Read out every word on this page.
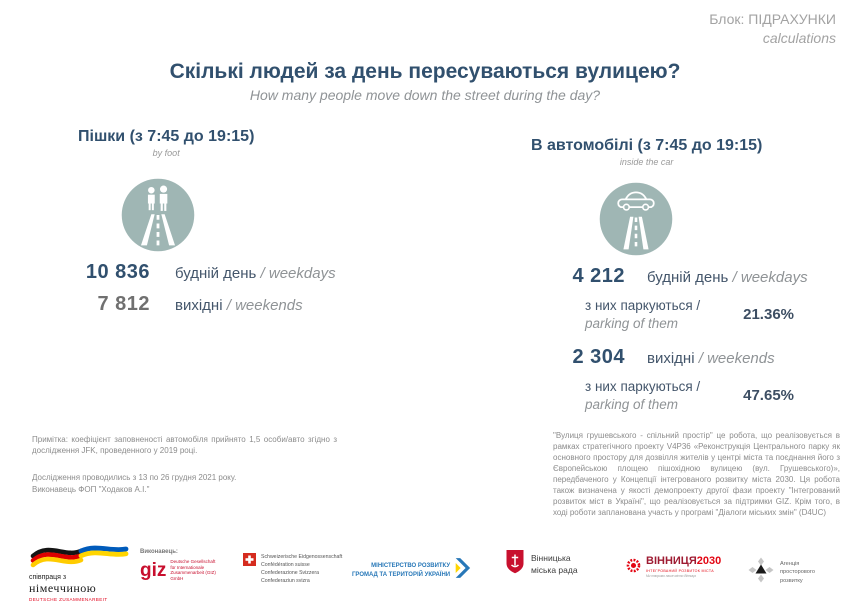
Блок: ПІДРАХУНКИ
calculations
Скількі людей за день пересуваються вулицею?
How many people move down the street during the day?
Пішки (з 7:45 до 19:15)
by foot
10 836 будній день / weekdays
7 812 вихідні / weekends
В автомобілі (з 7:45 до 19:15)
inside the car
4 212 будній день / weekdays
з них паркуються /
parking of them	21.36%
2 304 вихідні / weekends
з них паркуються /
parking of them	47.65%
Примітка: коефіцієнт заповненості автомобіля прийнято 1,5 особи/авто згідно з дослідження JFK, проведенного у 2019 році.
Дослідження проводились з 13 по 26 грудня 2021 року.
Виконавець ФОП "Ходаков А.І."
"Вулиця грушевського - спільний простір" це робота, що реалізовується в рамках стратегічного проекту V4P36 «Реконструкція Центрального парку як основного простору для дозвілля жителів у центрі міста та поєднання його з Європейською площею пішохідною вулицею (вул. Грушевського)», передбаченого у Концепції інтегрованого розвитку міста 2030. Ця робота також визначена у якості демопроекту другої фази проекту "Інтегрований розвиток міст в Україні", що реалізовується за підтримки GIZ. Крім того, в ході роботи запланована участь у програмі "Діалоги міських змін" (D4UC)
співпраця з
німеччиною
DEUTSCHE ZUSAMMENARBEIT
Виконавець:
giz Deutsche Gesellschaft
für Internationale
Zusammenarbeit (GIZ) GmbH
Schweizerische Eidgenossenschaft
Confédération suisse
Confederazione Svizzera
Confederaziun svizra
МІНІСТЕРСТВО РОЗВИТКУ
ГРОМАД ТА ТЕРИТОРІЙ УКРАЇНИ
Вінницька
міська рада
ВІННИЦЯ2030
ІНТЕГРОВАНИЙ РОЗВИТОК МІСТА
Ми творимо наше місто Вінниця
Агенція
просторового
розвитку
